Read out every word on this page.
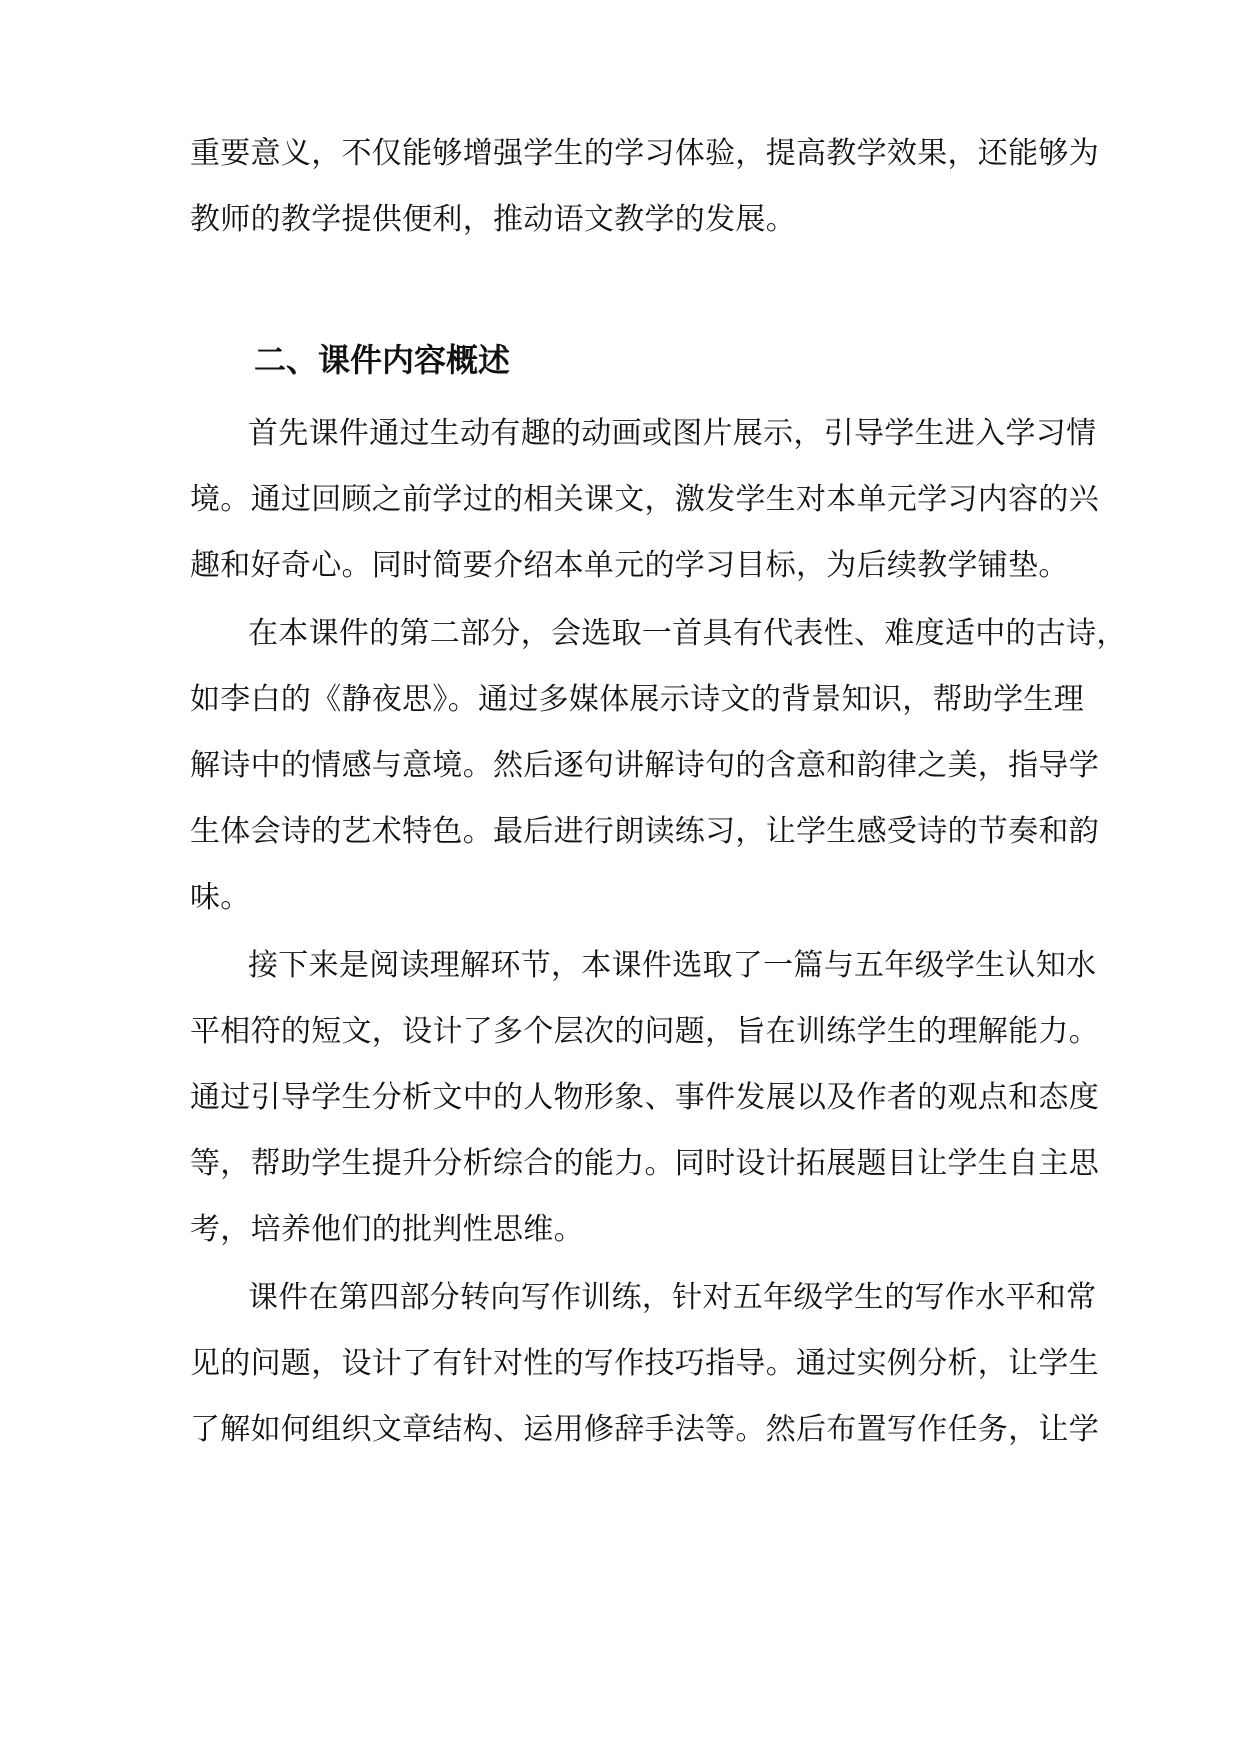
重要意义，不仅能够增强学生的学习体验，提高教学效果，还能够为
教师的教学提供便利，推动语文教学的发展。
二、课件内容概述
首先课件通过生动有趣的动画或图片展示，引导学生进入学习情
境。通过回顾之前学过的相关课文，激发学生对本单元学习内容的兴
趣和好奇心。同时简要介绍本单元的学习目标，为后续教学铺垫。
在本课件的第二部分，会选取一首具有代表性、难度适中的古诗，
如李白的《静夜思》。通过多媒体展示诗文的背景知识，帮助学生理
解诗中的情感与意境。然后逐句讲解诗句的含意和韵律之美，指导学
生体会诗的艺术特色。最后进行朗读练习，让学生感受诗的节奏和韵
味。
接下来是阅读理解环节，本课件选取了一篇与五年级学生认知水
平相符的短文，设计了多个层次的问题，旨在训练学生的理解能力。
通过引导学生分析文中的人物形象、事件发展以及作者的观点和态度
等，帮助学生提升分析综合的能力。同时设计拓展题目让学生自主思
考，培养他们的批判性思维。
课件在第四部分转向写作训练，针对五年级学生的写作水平和常
见的问题，设计了有针对性的写作技巧指导。通过实例分析，让学生
了解如何组织文章结构、运用修辞手法等。然后布置写作任务，让学
